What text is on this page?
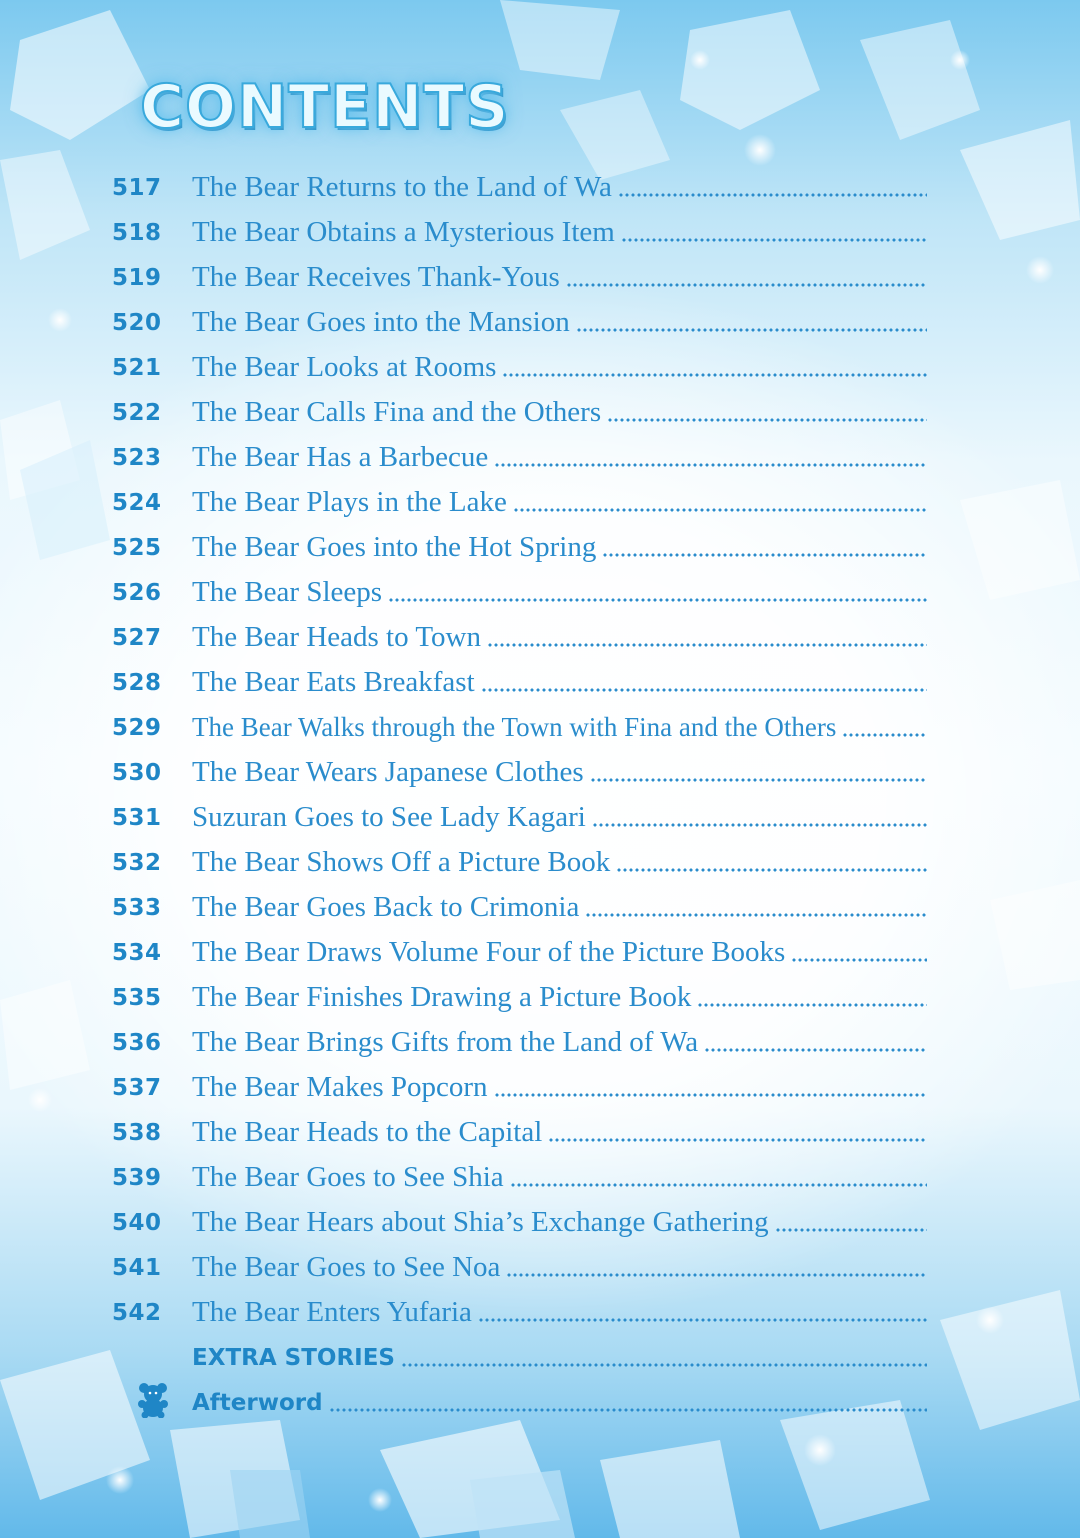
CONTENTS
517	The Bear Returns to the Land of Wa
518	The Bear Obtains a Mysterious Item
519	The Bear Receives Thank-Yous
520	The Bear Goes into the Mansion
521	The Bear Looks at Rooms
522	The Bear Calls Fina and the Others
523	The Bear Has a Barbecue
524	The Bear Plays in the Lake
525	The Bear Goes into the Hot Spring
526	The Bear Sleeps
527	The Bear Heads to Town
528	The Bear Eats Breakfast
529	The Bear Walks through the Town with Fina and the Others
530	The Bear Wears Japanese Clothes
531	Suzuran Goes to See Lady Kagari
532	The Bear Shows Off a Picture Book
533	The Bear Goes Back to Crimonia
534	The Bear Draws Volume Four of the Picture Books
535	The Bear Finishes Drawing a Picture Book
536	The Bear Brings Gifts from the Land of Wa
537	The Bear Makes Popcorn
538	The Bear Heads to the Capital
539	The Bear Goes to See Shia
540	The Bear Hears about Shia’s Exchange Gathering
541	The Bear Goes to See Noa
542	The Bear Enters Yufaria
EXTRA STORIES
Afterword
